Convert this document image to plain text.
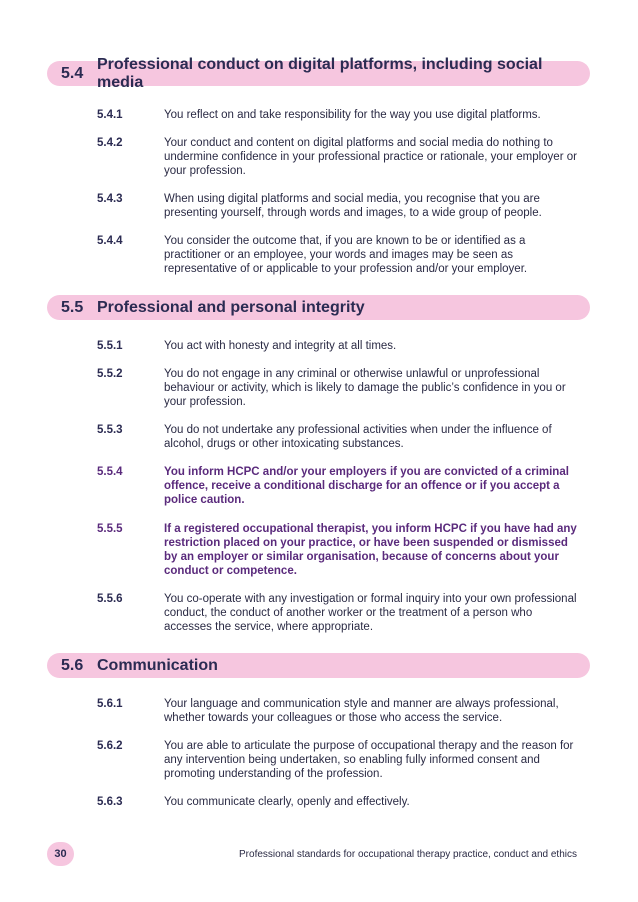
5.4
Professional conduct on digital platforms, including social media
5.4.1	You reflect on and take responsibility for the way you use digital platforms.
5.4.2	Your conduct and content on digital platforms and social media do nothing to undermine confidence in your professional practice or rationale, your employer or your profession.
5.4.3	When using digital platforms and social media, you recognise that you are presenting yourself, through words and images, to a wide group of people.
5.4.4	You consider the outcome that, if you are known to be or identified as a practitioner or an employee, your words and images may be seen as representative of or applicable to your profession and/or your employer.
5.5 Professional and personal integrity
5.5.1	You act with honesty and integrity at all times.
5.5.2	You do not engage in any criminal or otherwise unlawful or unprofessional behaviour or activity, which is likely to damage the public’s confidence in you or your profession.
5.5.3	You do not undertake any professional activities when under the influence of alcohol, drugs or other intoxicating substances.
5.5.4	You inform HCPC and/or your employers if you are convicted of a criminal offence, receive a conditional discharge for an offence or if you accept a police caution.
5.5.5	If a registered occupational therapist, you inform HCPC if you have had any restriction placed on your practice, or have been suspended or dismissed by an employer or similar organisation, because of concerns about your conduct or competence.
5.5.6	You co-operate with any investigation or formal inquiry into your own professional conduct, the conduct of another worker or the treatment of a person who accesses the service, where appropriate.
5.6 Communication
5.6.1	Your language and communication style and manner are always professional, whether towards your colleagues or those who access the service.
5.6.2	You are able to articulate the purpose of occupational therapy and the reason for any intervention being undertaken, so enabling fully informed consent and promoting understanding of the profession.
5.6.3	You communicate clearly, openly and effectively.
30	Professional standards for occupational therapy practice, conduct and ethics
